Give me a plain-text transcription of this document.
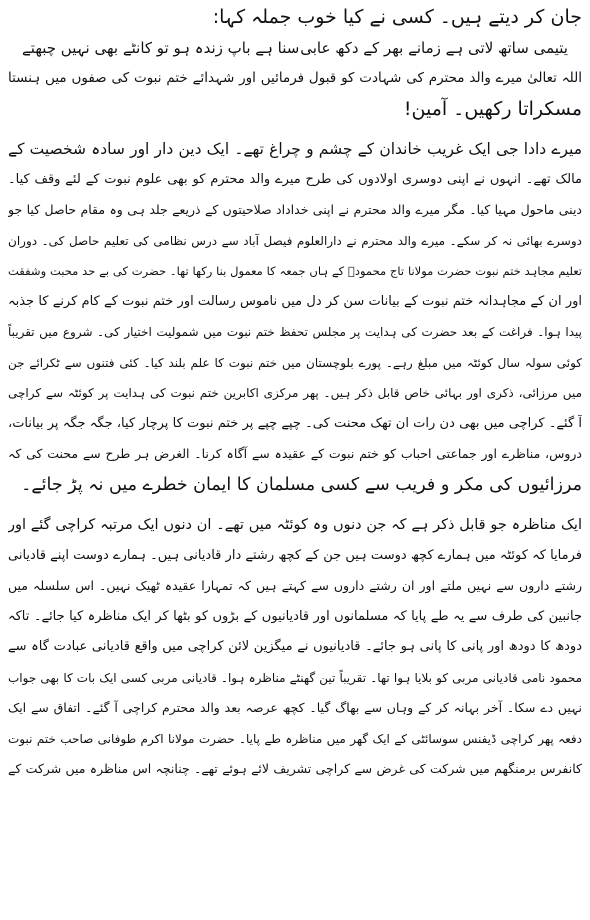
جان کر دیتے ہیں۔ کسی نے کیا خوب جملہ کہا:
یتیمی ساتھ لاتی ہے زمانے بھر کے دکھ عابی
سنا ہے باپ زندہ ہو تو کانٹے بھی نہیں چبھتے
اللہ تعالیٰ میرے والد محترم کی شہادت کو قبول فرمائیں اور شہدائے ختم نبوت کی صفوں میں ہنستا
مسکراتا رکھیں۔ آمین!
میرے دادا جی ایک غریب خاندان کے چشم و چراغ تھے۔ ایک دین دار اور سادہ شخصیت کے
مالک تھے۔ انہوں نے اپنی دوسری اولادوں کی طرح میرے والد محترم کو بھی علوم نبوت کے لئے وقف کیا۔
دینی ماحول مہیا کیا۔ مگر میرے والد محترم نے اپنی خداداد صلاحیتوں کے ذریعے جلد ہی وہ مقام حاصل کیا جو
دوسرے بھائی نہ کر سکے۔ میرے والد محترم نے دارالعلوم فیصل آباد سے درس نظامی کی تعلیم حاصل کی۔ دوران
تعلیم مجاہد ختم نبوت حضرت مولانا تاج محمودؒ کے ہاں جمعہ کا معمول بنا رکھا تھا۔ حضرت کی بے حد محبت وشفقت
اور ان کے مجاہدانہ ختم نبوت کے بیانات سن کر دل میں ناموس رسالت اور ختم نبوت کے کام کرنے کا جذبہ
پیدا ہوا۔ فراغت کے بعد حضرت کی ہدایت پر مجلس تحفظ ختم نبوت میں شمولیت اختیار کی۔ شروع میں تقریباً
کوئی سولہ سال کوئٹہ میں مبلغ رہے۔ پورے بلوچستان میں ختم نبوت کا علم بلند کیا۔ کئی فتنوں سے ٹکرائے جن
میں مرزائی، ذکری اور بہائی خاص قابل ذکر ہیں۔ پھر مرکزی اکابرین ختم نبوت کی ہدایت پر کوئٹہ سے کراچی
آ گئے۔ کراچی میں بھی دن رات ان تھک محنت کی۔ چپے چپے پر ختم نبوت کا پرچار کیا، جگہ جگہ پر بیانات،
دروس، مناظرے اور جماعتی احباب کو ختم نبوت کے عقیدہ سے آگاہ کرنا۔ الغرض ہر طرح سے محنت کی کہ
مرزائیوں کی مکر و فریب سے کسی مسلمان کا ایمان خطرے میں نہ پڑ جائے۔
ایک مناظرہ جو قابل ذکر ہے کہ جن دنوں وہ کوئٹہ میں تھے۔ ان دنوں ایک مرتبہ کراچی گئے اور
فرمایا کہ کوئٹہ میں ہمارے کچھ دوست ہیں جن کے کچھ رشتے دار قادیانی ہیں۔ ہمارے دوست اپنے قادیانی
رشتے داروں سے نہیں ملتے اور ان رشتے داروں سے کہتے ہیں کہ تمہارا عقیدہ ٹھیک نہیں۔ اس سلسلہ میں
جانبین کی طرف سے یہ طے پایا کہ مسلمانوں اور قادیانیوں کے بڑوں کو بٹھا کر ایک مناظرہ کیا جائے۔ تاکہ
دودھ کا دودھ اور پانی کا پانی ہو جائے۔ قادیانیوں نے میگزین لائن کراچی میں واقع قادیانی عبادت گاہ سے
محمود نامی قادیانی مربی کو بلایا ہوا تھا۔ تقریباً تین گھنٹے مناظرہ ہوا۔ قادیانی مربی کسی ایک بات کا بھی جواب
نہیں دے سکا۔ آخر بہانہ کر کے وہاں سے بھاگ گیا۔ کچھ عرصہ بعد والد محترم کراچی آ گئے۔ اتفاق سے ایک
دفعہ پھر کراچی ڈیفنس سوسائٹی کے ایک گھر میں مناظرہ طے پایا۔ حضرت مولانا اکرم طوفانی صاحب ختم نبوت
کانفرس برمنگھم میں شرکت کی غرض سے کراچی تشریف لائے ہوئے تھے۔ چنانچہ اس مناظرہ میں شرکت کے
